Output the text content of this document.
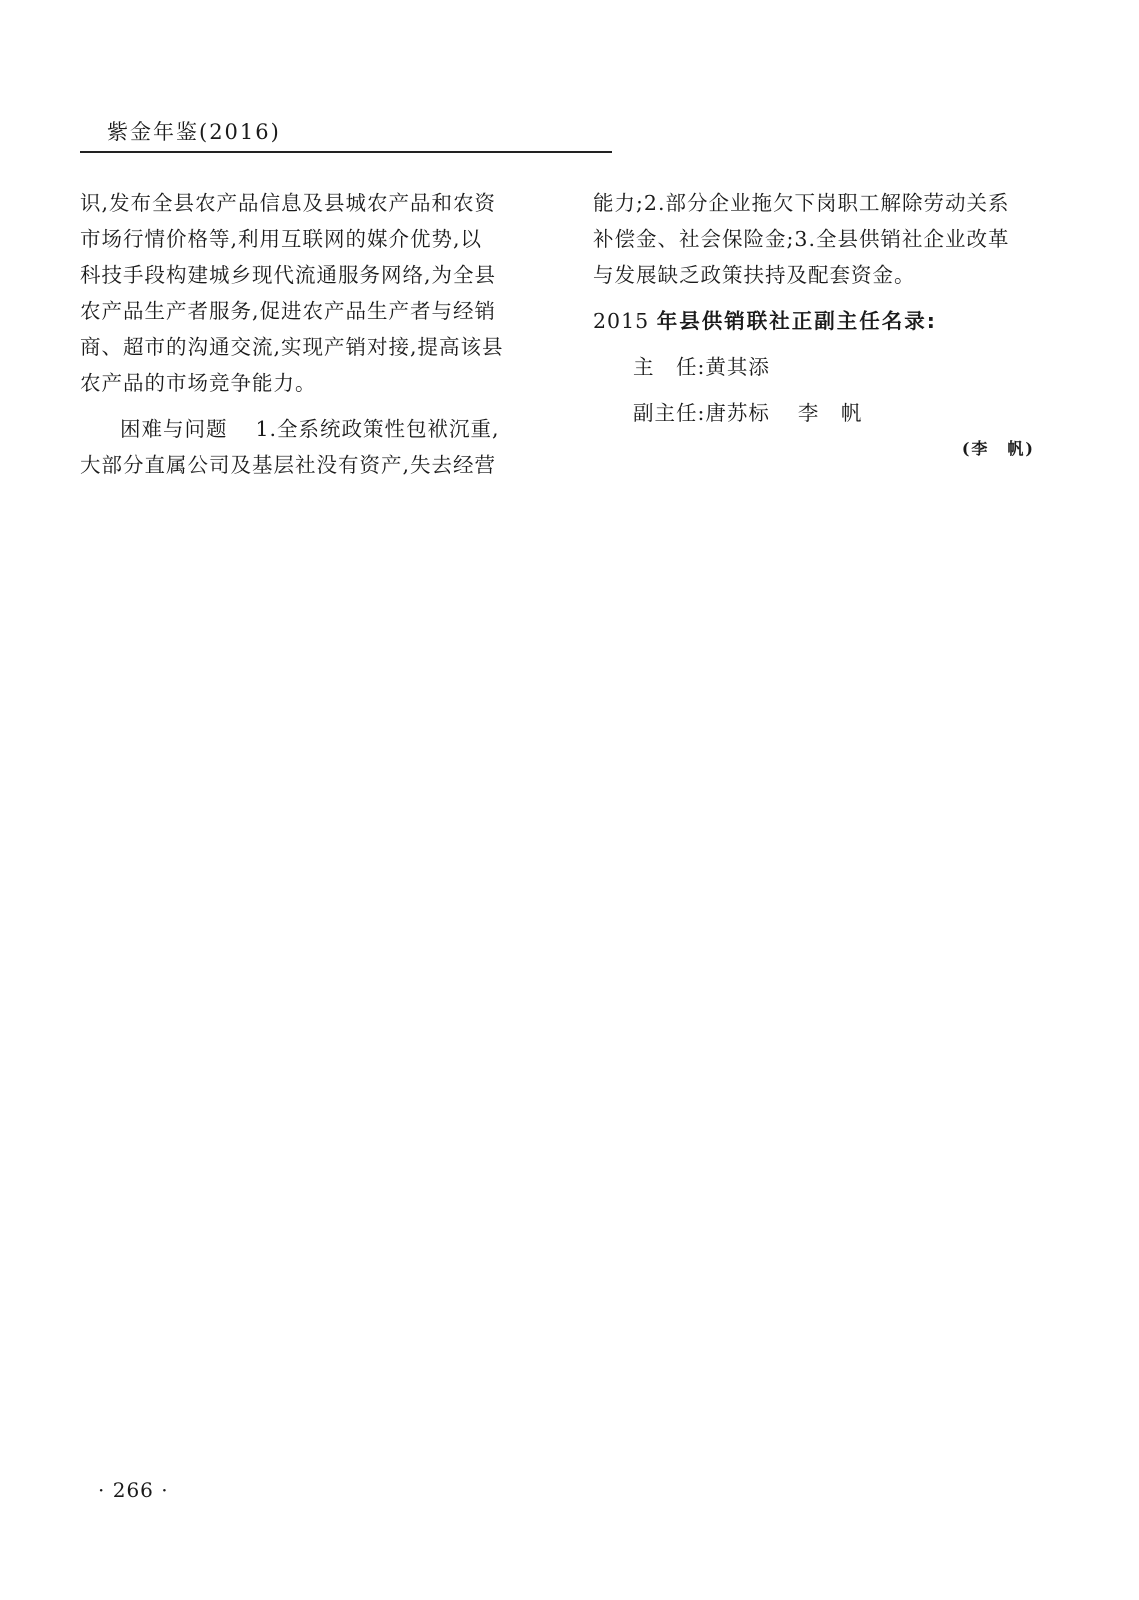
紫金年鉴(2016)
识,发布全县农产品信息及县城农产品和农资
市场行情价格等,利用互联网的媒介优势,以
科技手段构建城乡现代流通服务网络,为全县
农产品生产者服务,促进农产品生产者与经销
商、超市的沟通交流,实现产销对接,提高该县
农产品的市场竞争能力。
困难与问题 1.全系统政策性包袱沉重,
大部分直属公司及基层社没有资产,失去经营
能力;2.部分企业拖欠下岗职工解除劳动关系
补偿金、社会保险金;3.全县供销社企业改革
与发展缺乏政策扶持及配套资金。
2015 年县供销联社正副主任名录:
主　任:黄其添
副主任:唐苏标 李　帆
(李　帆)
· 266 ·
